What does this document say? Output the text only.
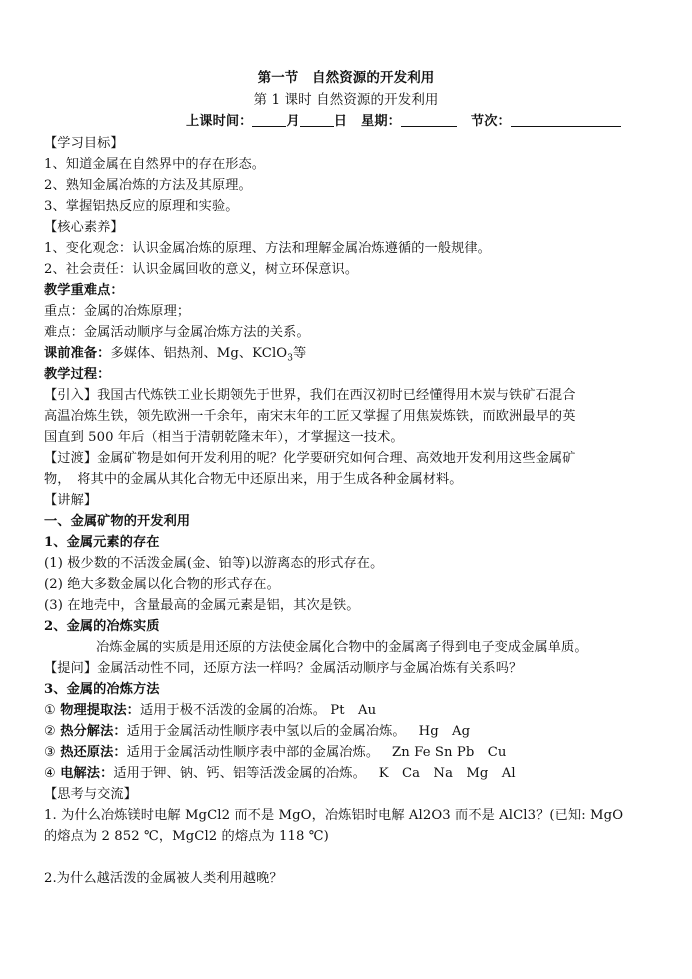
第一节　自然资源的开发利用
第 1 课时 自然资源的开发利用
上课时间：	月	日 星期：	节次：
【学习目标】
1、知道金属在自然界中的存在形态。
2、熟知金属冶炼的方法及其原理。
3、掌握铝热反应的原理和实验。
【核心素养】
1、变化观念：认识金属冶炼的原理、方法和理解金属冶炼遵循的一般规律。
2、社会责任：认识金属回收的意义，树立环保意识。
教学重难点：
重点：金属的冶炼原理；
难点：金属活动顺序与金属冶炼方法的关系。
课前准备：多媒体、铝热剂、Mg、KClO$_3$等
教学过程：
【引入】我国古代炼铁工业长期领先于世界，我们在西汉初时已经懂得用木炭与铁矿石混合
高温冶炼生铁，领先欧洲一千余年，南宋末年的工匠又掌握了用焦炭炼铁，而欧洲最早的英
国直到 500 年后（相当于清朝乾隆末年），才掌握这一技术。
【过渡】金属矿物是如何开发利用的呢？化学要研究如何合理、高效地开发利用这些金属矿
物，　将其中的金属从其化合物无中还原出来，用于生成各种金属材料。
【讲解】
一、金属矿物的开发利用
1、金属元素的存在
(1) 极少数的不活泼金属(金、铂等)以游离态的形式存在。
(2) 绝大多数金属以化合物的形式存在。
(3) 在地壳中，含量最高的金属元素是铝，其次是铁。
2、金属的冶炼实质
冶炼金属的实质是用还原的方法使金属化合物中的金属离子得到电子变成金属单质。
【提问】金属活动性不同，还原方法一样吗？金属活动顺序与金属冶炼有关系吗？
3、金属的冶炼方法
① 物理提取法：适用于极不活泼的金属的冶炼。 Pt　Au
② 热分解法：适用于金属活动性顺序表中氢以后的金属冶炼。 Hg　Ag
③ 热还原法：适用于金属活动性顺序表中部的金属冶炼。 Zn Fe Sn Pb　Cu
④ 电解法：适用于钾、钠、钙、铝等活泼金属的冶炼。 K　Ca　Na　Mg　Al
【思考与交流】
1. 为什么冶炼镁时电解 MgCl2 而不是 MgO，冶炼铝时电解 Al2O3 而不是 AlCl3？(已知: MgO
的熔点为 2 852 ℃，MgCl2 的熔点为 118 ℃)
2.为什么越活泼的金属被人类利用越晚？
